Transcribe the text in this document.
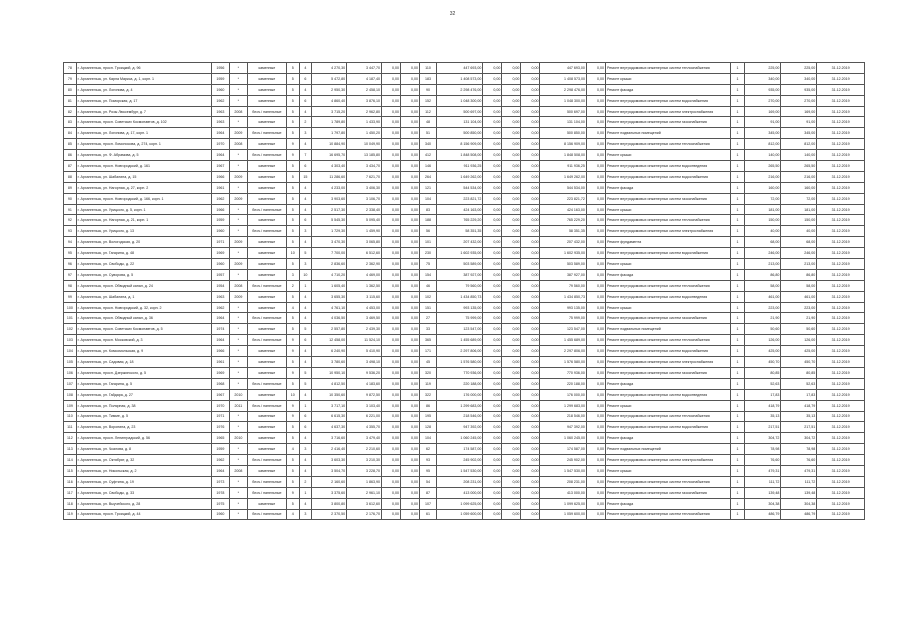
32
78	г. Архангельск, просп. Троицкий, д. 96	1956	*	каменные	5	4	4 270,30	3 447,70	0,00	0,00	110	447 693,00	0,00	0,00	0,00	447 693,00	0,00	Ремонт внутридомовых инженерных систем теплоснабжения	1	225,00	225,00	31.12.2019
79	г. Архангельск, ул. Карла Маркса, д. 1, корп. 1	1959	*	каменные	5	6	5 472,80	4 187,40	0,00	0,00	183	1 408 573,00	0,00	0,00	0,00	1 408 573,00	0,00	Ремонт крыши	1	340,00	340,00	31.12.2019
80	г. Архангельск, ул. Логинова, д. 4	1960	*	каменные	5	4	2 950,30	2 458,10	0,00	0,00	90	2 298 476,00	0,00	0,00	0,00	2 298 476,00	0,00	Ремонт фасада	1	935,00	935,00	31.12.2019
81	г. Архангельск, ул. Поморская, д. 17	1962	*	каменные	5	6	4 860,40	3 876,10	0,00	0,00	152	1 048 300,00	0,00	0,00	0,00	1 048 300,00	0,00	Ремонт внутридомовых инженерных систем водоснабжения	1	270,00	270,00	31.12.2019
82	г. Архангельск, ул. Розы Люксембург, д. 7	1963	2008	блоч./ панельные	5	4	3 715,20	2 962,80	0,00	0,00	112	500 697,00	0,00	0,00	0,00	500 697,00	0,00	Ремонт внутридомовых инженерных систем электроснабжения	1	169,00	169,00	31.12.2019
83	г. Архангельск, просп. Советских Космонавтов, д. 102	1963	*	каменные	5	2	1 789,80	1 433,90	0,00	0,00	48	131 104,00	0,00	0,00	0,00	131 104,00	0,00	Ремонт внутридомовых инженерных систем газоснабжения	1	91,00	91,00	31.12.2019
84	г. Архангельск, ул. Логинова, д. 17, корп. 1	1964	2009	блоч./ панельные	5	3	1 797,80	1 450,20	0,00	0,00	51	500 850,00	0,00	0,00	0,00	500 850,00	0,00	Ремонт подвальных помещений	1	345,00	345,00	31.12.2019
85	г. Архангельск, просп. Ломоносова, д. 274, корп. 1	1970	2008	каменные	9	4	10 884,90	10 049,90	0,00	0,00	340	8 156 909,00	0,00	0,00	0,00	8 156 909,00	0,00	Ремонт внутридомовых инженерных систем теплоснабжения	1	812,00	812,00	31.12.2019
86	г. Архангельск, ул. Ф. Абрамова, д. 5	1964	*	блоч./ панельные	9	7	16 695,70	13 185,80	0,00	0,00	412	1 848 508,00	0,00	0,00	0,00	1 848 508,00	0,00	Ремонт крыши	1	140,00	140,00	31.12.2019
87	г. Архангельск, просп. Новгородский, д. 161	1967	*	каменные	5	6	4 303,40	3 434,70	0,00	0,00	146	911 936,25	0,00	0,00	0,00	911 936,25	0,00	Ремонт внутридомовых инженерных систем водоотведения	1	265,50	265,50	31.12.2019
88	г. Архангельск, ул. Шабалина, д. 15	1966	2009	каменные	5	15	11 286,60	7 621,70	0,00	0,00	264	1 649 262,00	0,00	0,00	0,00	1 649 262,00	0,00	Ремонт внутридомовых инженерных систем водоснабжения	1	216,00	216,00	31.12.2019
89	г. Архангельск, ул. Нагорная, д. 27, корп. 2	1961	*	каменные	5	4	4 233,00	3 406,30	0,00	0,00	121	544 534,00	0,00	0,00	0,00	544 534,00	0,00	Ремонт фасада	1	160,00	160,00	31.12.2019
90	г. Архангельск, просп. Новгородский, д. 166, корп. 1	1962	2009	каменные	5	4	3 903,60	3 106,70	0,00	0,00	104	223 821,72	0,00	0,00	0,00	223 821,72	0,00	Ремонт внутридомовых инженерных систем газоснабжения	1	72,00	72,00	31.12.2019
91	г. Архангельск, ул. Урицкого, д. 5, корп. 1	1966	*	блоч./ панельные	5	4	2 517,30	2 338,40	0,00	0,00	83	424 163,00	0,00	0,00	0,00	424 163,00	0,00	Ремонт крыши	1	181,00	181,00	31.12.2019
92	г. Архангельск, ул. Нагорная, д. 21, корп. 1	1959	*	каменные	5	6	5 545,30	5 095,40	0,00	0,00	188	765 229,20	0,00	0,00	0,00	765 229,20	0,00	Ремонт внутридомовых инженерных систем теплоснабжения	1	150,00	150,00	31.12.2019
93	г. Архангельск, ул. Урицкого, д. 13	1960	*	блоч./ панельные	5	3	1 729,30	1 459,90	0,00	0,00	56	58 351,35	0,00	0,00	0,00	58 351,35	0,00	Ремонт внутридомовых инженерных систем электроснабжения	1	40,00	40,00	31.12.2019
94	г. Архангельск, ул. Вологодская, д. 20	1971	2009	каменные	5	4	3 470,30	3 065,80	0,00	0,00	101	207 432,00	0,00	0,00	0,00	207 432,00	0,00	Ремонт фундамента	1	68,00	68,00	31.12.2019
95	г. Архангельск, ул. Гагарина, д. 48	1969	*	каменные	10	5	7 700,00	6 512,60	0,00	0,00	230	1 602 935,00	0,00	0,00	0,00	1 602 935,00	0,00	Ремонт внутридомовых инженерных систем водоснабжения	1	246,00	246,00	31.12.2019
96	г. Архангельск, ул. Свободы, д. 22	1960	2009	каменные	5	3	2 836,60	2 362,90	0,00	0,00	75	503 589,00	0,00	0,00	0,00	503 589,00	0,00	Ремонт крыши	1	213,00	213,00	31.12.2019
97	г. Архангельск, ул. Суворова, д. 5	1957	*	каменные	3	10	4 710,20	4 469,00	0,00	0,00	154	387 927,00	0,00	0,00	0,00	387 927,00	0,00	Ремонт фасада	1	86,80	86,80	31.12.2019
98	г. Архангельск, просп. Обводный канал, д. 24	1954	2008	блоч./ панельные	2	1	1 605,40	1 362,50	0,00	0,00	46	79 560,00	0,00	0,00	0,00	79 560,00	0,00	Ремонт внутридомовых инженерных систем теплоснабжения	1	58,00	58,00	31.12.2019
99	г. Архангельск, ул. Шабалина, д. 1	1963	2009	каменные	5	4	3 655,30	3 115,60	0,00	0,00	102	1 434 850,73	0,00	0,00	0,00	1 434 850,73	0,00	Ремонт внутридомовых инженерных систем водоотведения	1	461,00	461,00	31.12.2019
100	г. Архангельск, просп. Новгородский, д. 32, корп. 2	1962	*	каменные	4	4	4 761,10	4 453,00	0,00	0,00	151	993 135,00	0,00	0,00	0,00	993 135,00	0,00	Ремонт крыши	1	223,00	223,00	31.12.2019
101	г. Архангельск, просп. Обводный канал, д. 36	1964	*	блоч./ панельные	5	4	4 036,50	3 469,50	0,00	0,00	27	75 999,00	0,00	0,00	0,00	75 999,00	0,00	Ремонт внутридомовых инженерных систем газоснабжения	1	21,90	21,90	31.12.2019
102	г. Архангельск, просп. Советских Космонавтов, д. 5	1974	*	каменные	5	5	2 557,80	2 439,30	0,00	0,00	33	123 547,00	0,00	0,00	0,00	123 547,00	0,00	Ремонт подвальных помещений	1	50,60	50,60	31.12.2019
103	г. Архангельск, просп. Московский, д. 3	1964	*	блоч./ панельные	9	6	12 458,00	11 524,10	0,00	0,00	365	1 455 689,00	0,00	0,00	0,00	1 455 689,00	0,00	Ремонт внутридомовых инженерных систем теплоснабжения	1	126,00	126,00	31.12.2019
104	г. Архангельск, ул. Комсомольская, д. 9	1966	*	каменные	9	4	6 240,90	5 410,90	0,00	0,00	171	2 297 806,00	0,00	0,00	0,00	2 297 806,00	0,00	Ремонт внутридомовых инженерных систем водоснабжения	1	425,00	425,00	31.12.2019
105	г. Архангельск, ул. Садовая, д. 18	1961	*	каменные	5	4	3 780,60	3 498,10	0,00	0,00	45	1 576 580,00	0,00	0,00	0,00	1 576 580,00	0,00	Ремонт внутридомовых инженерных систем электроснабжения	1	450,70	450,70	31.12.2019
106	г. Архангельск, просп. Дзержинского, д. 5	1969	*	каменные	9	5	10 950,10	9 536,20	0,00	0,00	320	770 936,00	0,00	0,00	0,00	770 936,00	0,00	Ремонт внутридомовых инженерных систем газоснабжения	1	80,85	80,85	31.12.2019
107	г. Архангельск, ул. Гагарина, д. 5	1968	*	блоч./ панельные	5	5	4 812,50	4 183,60	0,00	0,00	119	220 188,00	0,00	0,00	0,00	220 188,00	0,00	Ремонт фасада	1	52,63	52,63	31.12.2019
108	г. Архангельск, ул. Гайдара, д. 27	1967	2010	каменные	10	4	10 350,60	9 872,50	0,00	0,00	322	176 000,00	0,00	0,00	0,00	176 000,00	0,00	Ремонт внутридомовых инженерных систем водоотведения	1	17,83	17,83	31.12.2019
109	г. Архангельск, ул. Полярная, д. 38	1970	2011	блоч./ панельные	9	1	3 717,10	3 103,40	0,00	0,00	86	1 299 683,00	0,00	0,00	0,00	1 299 683,00	0,00	Ремонт крыши	1	418,79	418,79	31.12.2019
110	г. Архангельск, ул. Тимме, д. 5	1971	*	каменные	9	6	6 615,30	6 221,00	0,00	0,00	195	218 546,00	0,00	0,00	0,00	218 546,00	0,00	Ремонт внутридомовых инженерных систем теплоснабжения	1	35,13	35,13	31.12.2019
111	г. Архангельск, ул. Воронина, д. 23	1976	*	каменные	5	6	4 637,30	4 355,70	0,00	0,00	128	947 392,00	0,00	0,00	0,00	947 392,00	0,00	Ремонт внутридомовых инженерных систем водоснабжения	1	217,51	217,51	31.12.2019
112	г. Архангельск, просп. Ленинградский, д. 56	1965	2010	каменные	5	4	3 716,60	3 479,40	0,00	0,00	104	1 060 245,00	0,00	0,00	0,00	1 060 245,00	0,00	Ремонт фасада	1	304,72	304,72	31.12.2019
113	г. Архангельск, ул. Чкалова, д. 8	1959	*	каменные	4	3	2 416,40	2 210,60	0,00	0,00	62	174 587,00	0,00	0,00	0,00	174 587,00	0,00	Ремонт подвальных помещений	1	78,98	78,98	31.12.2019
114	г. Архангельск, ул. Октябрят, д. 32	1962	*	блоч./ панельные	5	4	3 603,30	3 210,30	0,00	0,00	93	245 902,00	0,00	0,00	0,00	245 902,00	0,00	Ремонт внутридомовых инженерных систем электроснабжения	1	76,60	76,60	31.12.2019
115	г. Архангельск, ул. Никольская, д. 2	1964	2008	каменные	5	4	3 504,70	3 228,70	0,00	0,00	95	1 547 530,00	0,00	0,00	0,00	1 547 530,00	0,00	Ремонт крыши	1	479,31	479,31	31.12.2019
116	г. Архангельск, ул. Суфтина, д. 19	1973	*	блоч./ панельные	5	2	2 160,60	1 863,90	0,00	0,00	54	208 231,00	0,00	0,00	0,00	208 231,00	0,00	Ремонт внутридомовых инженерных систем теплоснабжения	1	111,72	111,72	31.12.2019
117	г. Архангельск, ул. Свободы, д. 33	1978	*	блоч./ панельные	9	1	3 375,60	2 961,10	0,00	0,00	87	413 000,00	0,00	0,00	0,00	413 000,00	0,00	Ремонт внутридомовых инженерных систем газоснабжения	1	139,48	139,48	31.12.2019
118	г. Архангельск, ул. Выучейского, д. 28	1975	*	каменные	5	4	3 800,80	3 612,60	0,00	0,00	107	1 099 625,00	0,00	0,00	0,00	1 099 625,00	0,00	Ремонт фасада	1	304,38	304,38	31.12.2019
119	г. Архангельск, просп. Троицкий, д. 44	1960	*	блоч./ панельные	4	3	2 370,50	2 176,70	0,00	0,00	61	1 059 600,00	0,00	0,00	0,00	1 059 600,00	0,00	Ремонт внутридомовых инженерных систем теплоснабжения	1	486,79	486,79	31.12.2019
